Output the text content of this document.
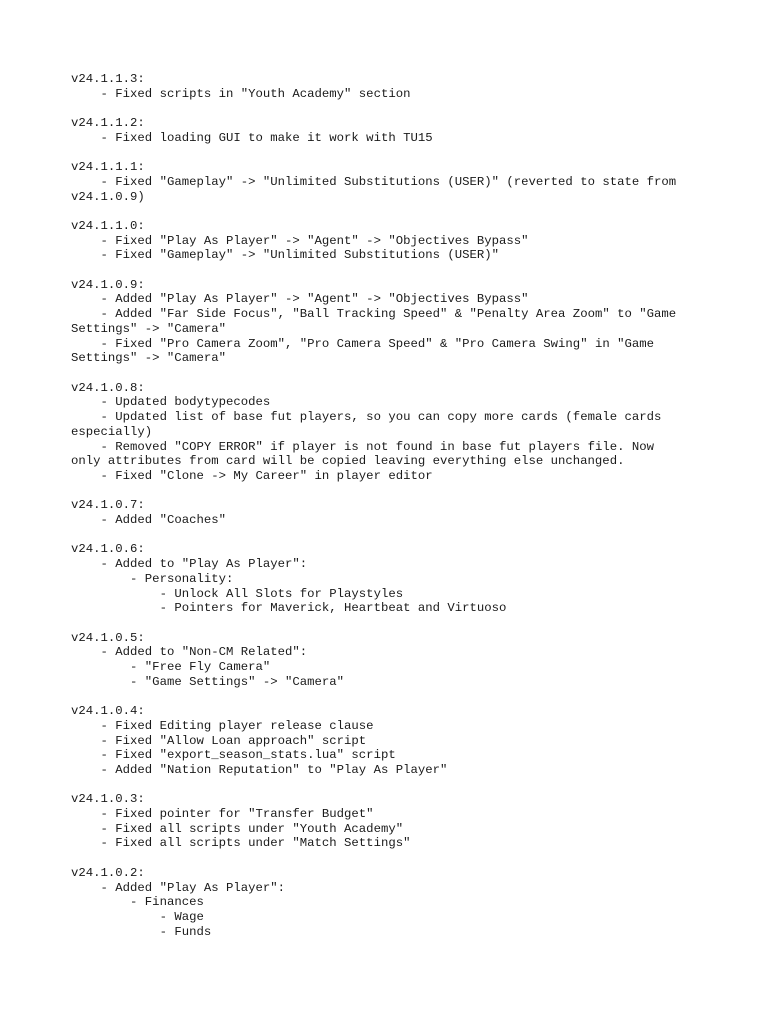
v24.1.1.3:
- Fixed scripts in "Youth Academy" section
v24.1.1.2:
- Fixed loading GUI to make it work with TU15
v24.1.1.1:
- Fixed "Gameplay" -> "Unlimited Substitutions (USER)" (reverted to state from
v24.1.0.9)
v24.1.1.0:
- Fixed "Play As Player" -> "Agent" -> "Objectives Bypass"
- Fixed "Gameplay" -> "Unlimited Substitutions (USER)"
v24.1.0.9:
- Added "Play As Player" -> "Agent" -> "Objectives Bypass"
- Added "Far Side Focus", "Ball Tracking Speed" & "Penalty Area Zoom" to "Game
Settings" -> "Camera"
- Fixed "Pro Camera Zoom", "Pro Camera Speed" & "Pro Camera Swing" in "Game
Settings" -> "Camera"
v24.1.0.8:
- Updated bodytypecodes
- Updated list of base fut players, so you can copy more cards (female cards
especially)
- Removed "COPY ERROR" if player is not found in base fut players file. Now
only attributes from card will be copied leaving everything else unchanged.
- Fixed "Clone -> My Career" in player editor
v24.1.0.7:
- Added "Coaches"
v24.1.0.6:
- Added to "Play As Player":
- Personality:
- Unlock All Slots for Playstyles
- Pointers for Maverick, Heartbeat and Virtuoso
v24.1.0.5:
- Added to "Non-CM Related":
- "Free Fly Camera"
- "Game Settings" -> "Camera"
v24.1.0.4:
- Fixed Editing player release clause
- Fixed "Allow Loan approach" script
- Fixed "export_season_stats.lua" script
- Added "Nation Reputation" to "Play As Player"
v24.1.0.3:
- Fixed pointer for "Transfer Budget"
- Fixed all scripts under "Youth Academy"
- Fixed all scripts under "Match Settings"
v24.1.0.2:
- Added "Play As Player":
- Finances
- Wage
- Funds
